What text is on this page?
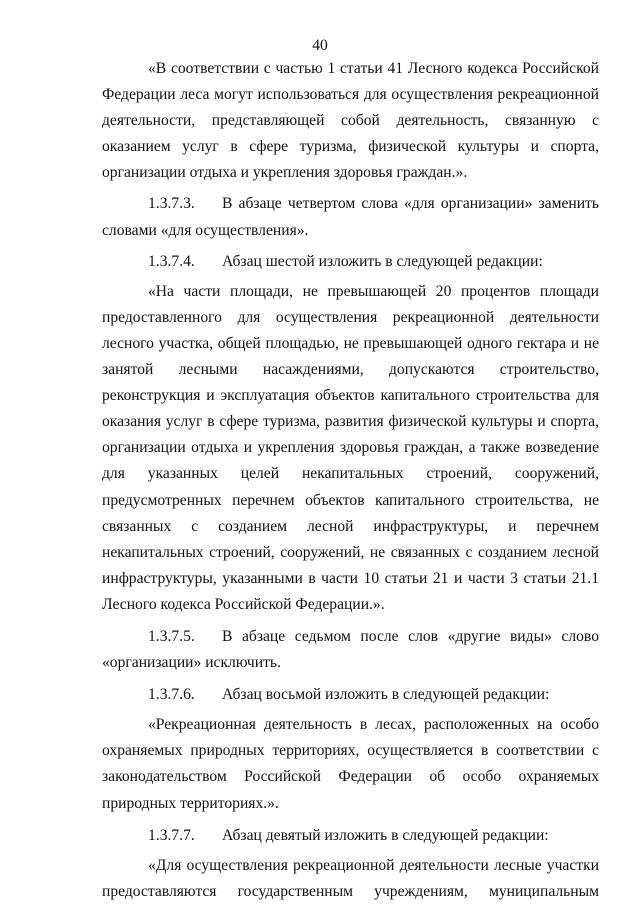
40

«В соответствии с частью 1 статьи 41 Лесного кодекса Российской Федерации леса могут использоваться для осуществления рекреационной деятельности, представляющей собой деятельность, связанную с оказанием услуг в сфере туризма, физической культуры и спорта, организации отдыха и укрепления здоровья граждан.».

1.3.7.3. В абзаце четвертом слова «для организации» заменить словами «для осуществления».

1.3.7.4. Абзац шестой изложить в следующей редакции:

«На части площади, не превышающей 20 процентов площади предоставленного для осуществления рекреационной деятельности лесного участка, общей площадью, не превышающей одного гектара и не занятой лесными насаждениями, допускаются строительство, реконструкция и эксплуатация объектов капитального строительства для оказания услуг в сфере туризма, развития физической культуры и спорта, организации отдыха и укрепления здоровья граждан, а также возведение для указанных целей некапитальных строений, сооружений, предусмотренных перечнем объектов капитального строительства, не связанных с созданием лесной инфраструктуры, и перечнем некапитальных строений, сооружений, не связанных с созданием лесной инфраструктуры, указанными в части 10 статьи 21 и части 3 статьи 21.1 Лесного кодекса Российской Федерации.».

1.3.7.5. В абзаце седьмом после слов «другие виды» слово «организации» исключить.

1.3.7.6. Абзац восьмой изложить в следующей редакции:

«Рекреационная деятельность в лесах, расположенных на особо охраняемых природных территориях, осуществляется в соответствии с законодательством Российской Федерации об особо охраняемых природных территориях.».

1.3.7.7. Абзац девятый изложить в следующей редакции:

«Для осуществления рекреационной деятельности лесные участки предоставляются государственным учреждениям, муниципальным
